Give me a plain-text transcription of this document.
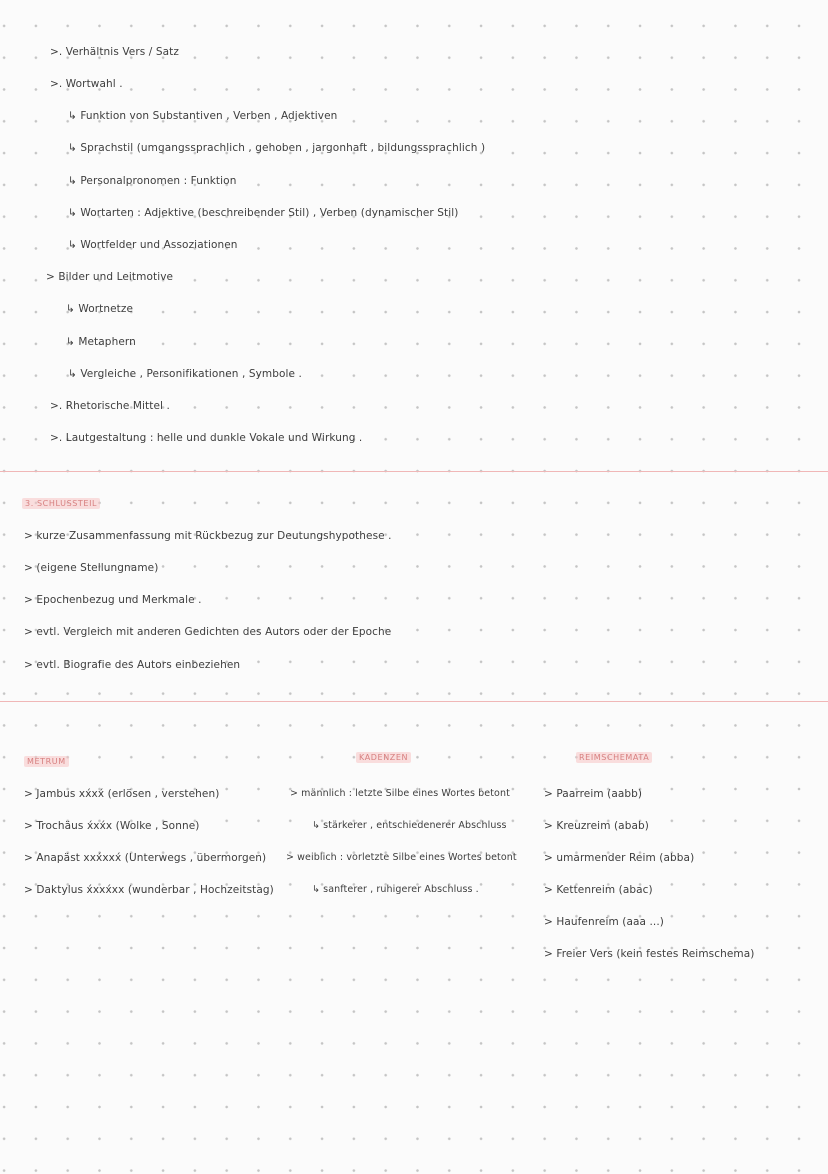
>. Verhältnis Vers / Satz
>. Wortwahl .
↳ Funktion von Substantiven , Verben , Adjektiven
↳ Sprachstil (umgangssprachlich , gehoben , jargonhaft , bildungssprachlich )
↳ Personalpronomen : Funktion
↳ Wortarten : Adjektive (beschreibender Stil) , Verben (dynamischer Stil)
↳ Wortfelder und Assoziationen
> Bilder und Leitmotive
↳ Wortnetze
↳ Metaphern
↳ Vergleiche , Personifikationen , Symbole .
>. Rhetorische Mittel .
>. Lautgestaltung : helle und dunkle Vokale und Wirkung .
3. SCHLUSSTEIL
> kurze Zusammenfassung mit Rückbezug zur Deutungshypothese .
> (eigene Stellungname)
> Epochenbezug und Merkmale .
> evtl. Vergleich mit anderen Gedichten des Autors oder der Epoche
> evtl. Biografie des Autors einbeziehen
METRUM
> Jambus xx́xx́ (erlösen , verstehen)
> Trochäus x́xx́x (Wolke , Sonne)
> Anapäst xxx́xxx́ (Unterwegs , übermorgen)
> Daktylus x́xxx́xx (wunderbar , Hochzeitstag)
KADENZEN
> männlich : letzte Silbe eines Wortes betont
↳ stärkerer , entschiedenerer Abschluss
> weiblich : vorletzte Silbe eines Wortes betont
↳ sanfterer , ruhigerer Abschluss .
REIMSCHEMATA
> Paarreim (aabb)
> Kreuzreim (abab)
> umarmender Reim (abba)
> Kettenreim (abac)
> Haufenreim (aaa ...)
> Freier Vers (kein festes Reimschema)
